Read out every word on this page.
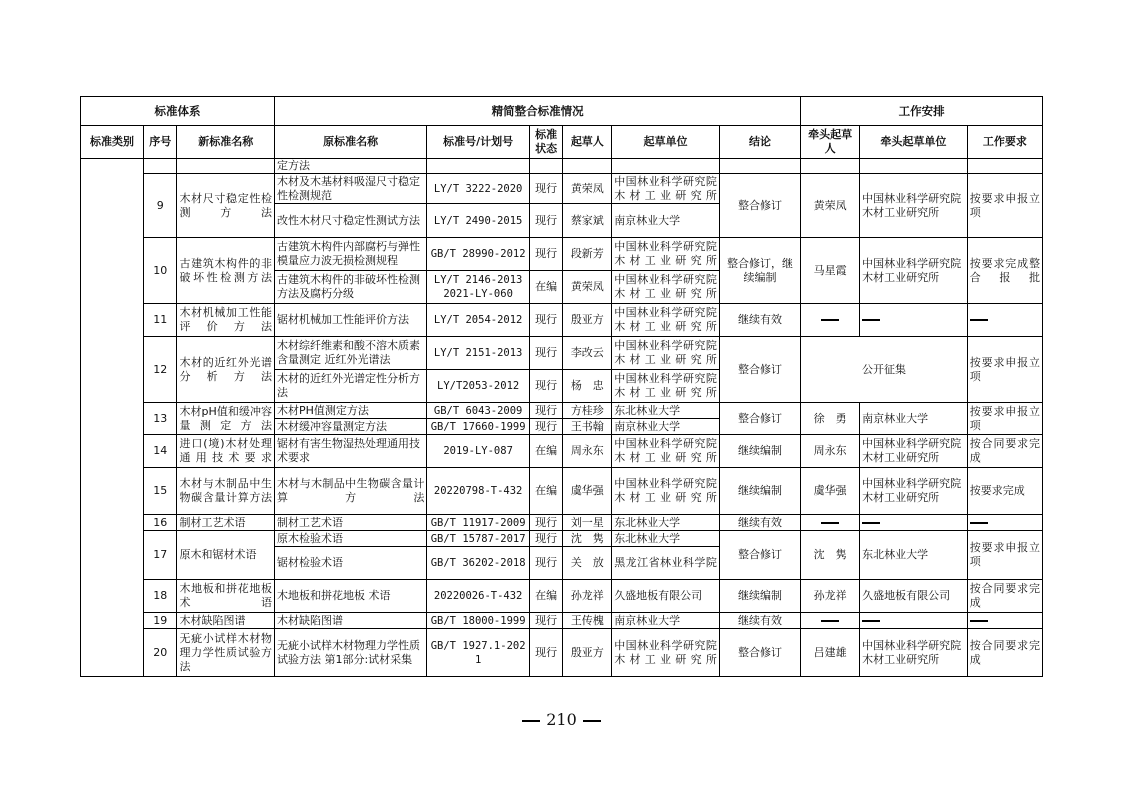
标准体系			精简整合标准情况						工作安排		
标准类别	序号	新标准名称	原标准名称	标准号/计划号	标准状态	起草人	起草单位	结论	牵头起草人	牵头起草单位	工作要求
			定方法								
	9	木材尺寸稳定性检测方法	木材及木基材料吸湿尺寸稳定性检测规范	LY/T 3222-2020	现行	黄荣凤	中国林业科学研究院木材工业研究所	整合修订	黄荣凤	中国林业科学研究院木材工业研究所	按要求申报立项
			改性木材尺寸稳定性测试方法	LY/T 2490-2015	现行	蔡家斌	南京林业大学				
	10	古建筑木构件的非破坏性检测方法	古建筑木构件内部腐朽与弹性模量应力波无损检测规程	GB/T 28990-2012	现行	段新芳	中国林业科学研究院木材工业研究所	整合修订，继续编制	马星霞	中国林业科学研究院木材工业研究所	按要求完成整合报批
			古建筑木构件的非破坏性检测方法及腐朽分级	LY/T 2146-2013 2021-LY-060	在编	黄荣凤	中国林业科学研究院木材工业研究所				
	11	木材机械加工性能评价方法	锯材机械加工性能评价方法	LY/T 2054-2012	现行	殷亚方	中国林业科学研究院木材工业研究所	继续有效			
	12	木材的近红外光谱分析方法	木材综纤维素和酸不溶木质素含量测定 近红外光谱法	LY/T 2151-2013	现行	李改云	中国林业科学研究院木材工业研究所	整合修订	公开征集		按要求申报立项
			木材的近红外光谱定性分析方法	LY/T2053-2012	现行	杨　忠	中国林业科学研究院木材工业研究所				
	13	木材pH值和缓冲容量测定方法	木材PH值测定方法	GB/T 6043-2009	现行	方桂珍	东北林业大学	整合修订	徐　勇	南京林业大学	按要求申报立项
			木材缓冲容量测定方法	GB/T 17660-1999	现行	王书翰	南京林业大学				
	14	进口(境)木材处理通用技术要求	锯材有害生物湿热处理通用技术要求	2019-LY-087	在编	周永东	中国林业科学研究院木材工业研究所	继续编制	周永东	中国林业科学研究院木材工业研究所	按合同要求完成
	15	木材与木制品中生物碳含量计算方法	木材与木制品中生物碳含量计算方法	20220798-T-432	在编	虞华强	中国林业科学研究院木材工业研究所	继续编制	虞华强	中国林业科学研究院木材工业研究所	按要求完成
	16	制材工艺术语	制材工艺术语	GB/T 11917-2009	现行	刘一星	东北林业大学	继续有效			
	17	原木和锯材术语	原木检验术语	GB/T 15787-2017	现行	沈　隽	东北林业大学	整合修订	沈　隽	东北林业大学	按要求申报立项
			锯材检验术语	GB/T 36202-2018	现行	关　放	黑龙江省林业科学院				
	18	木地板和拼花地板 术语	木地板和拼花地板 术语	20220026-T-432	在编	孙龙祥	久盛地板有限公司	继续编制	孙龙祥	久盛地板有限公司	按合同要求完成
	19	木材缺陷图谱	木材缺陷图谱	GB/T 18000-1999	现行	王传槐	南京林业大学	继续有效			
	20	无疵小试样木材物理力学性质试验方法	无疵小试样木材物理力学性质试验方法 第1部分:试材采集	GB/T 1927.1-2021	现行	殷亚方	中国林业科学研究院木材工业研究所	整合修订	吕建雄	中国林业科学研究院木材工业研究所	按合同要求完成
210
